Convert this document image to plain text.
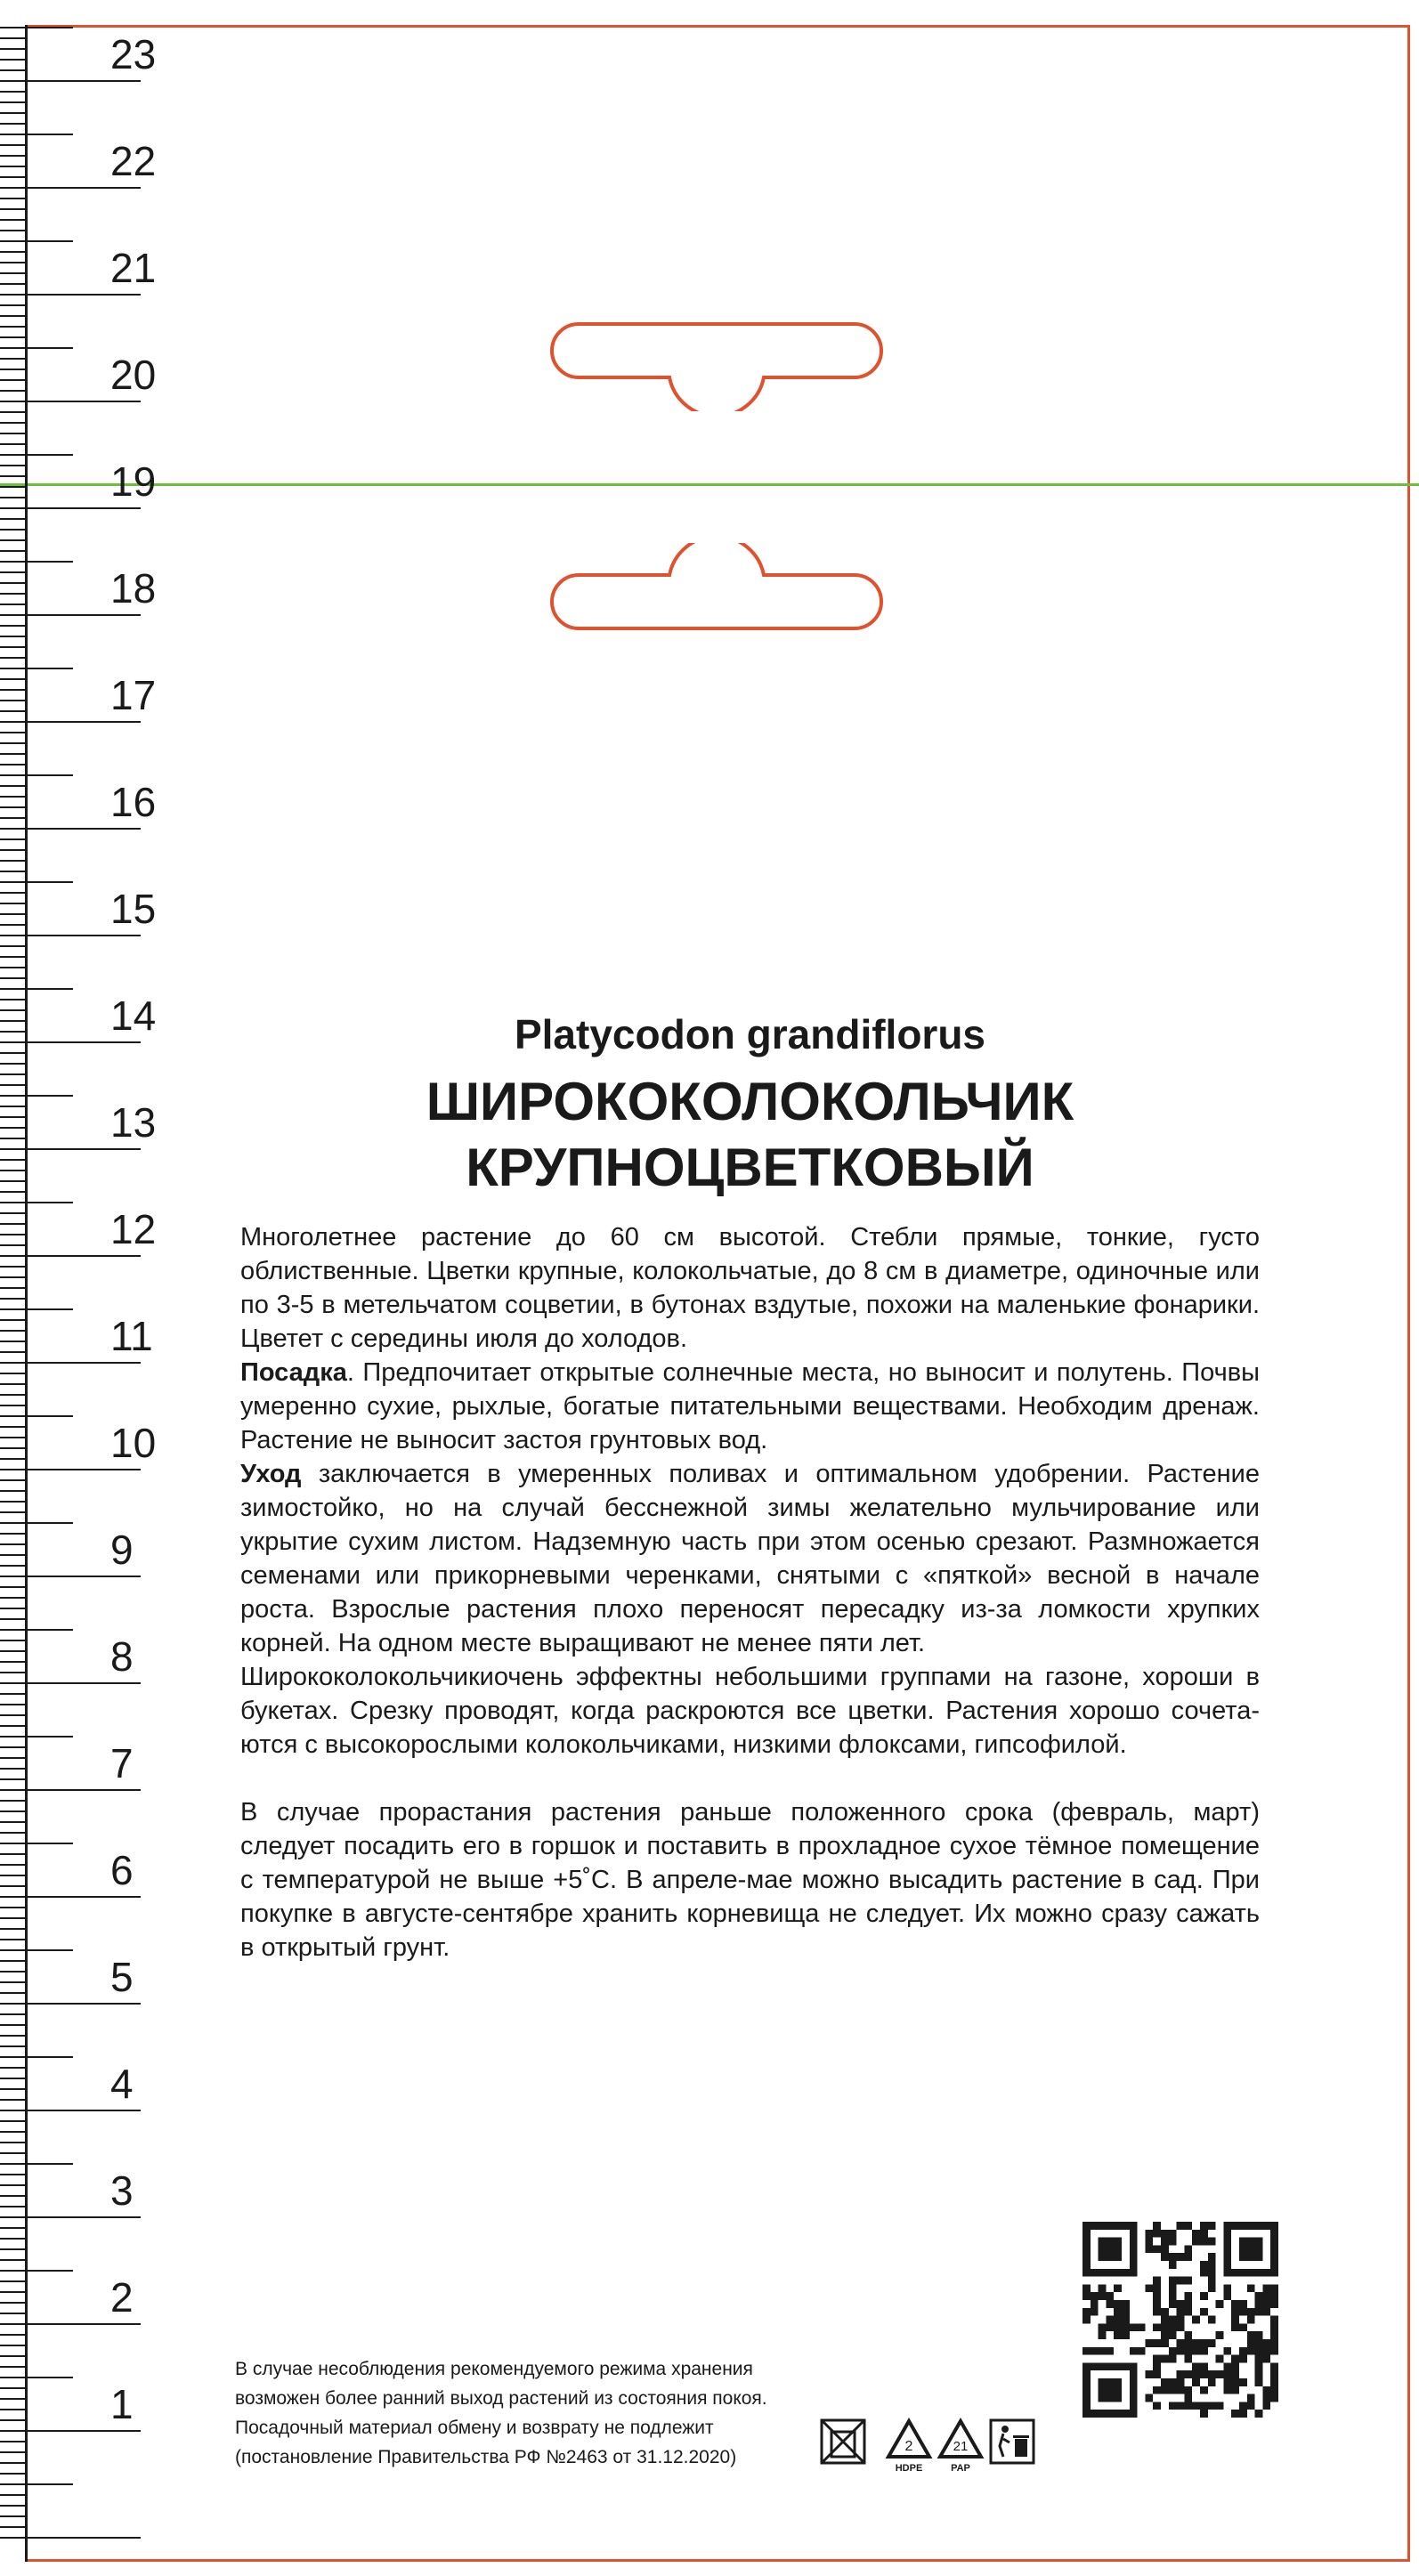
23
22
21
20
19
18
17
16
15
14
13
12
11
10
9
8
7
6
5
4
3
2
1
Platycodon grandiflorus
ШИРОКОКОЛОКОЛЬЧИК
КРУПНОЦВЕТКОВЫЙ

Многолетнее растение до 60 см высотой. Стебли прямые, тонкие, густо облиственные. Цветки крупные, колокольчатые, до 8 см в диаметре, одиночные или по 3-5 в метельчатом соцветии, в бутонах вздутые, похожи на маленькие фонарики. Цветет с середины июля до холодов.

Посадка. Предпочитает открытые солнечные места, но выносит и полутень. Почвы умеренно сухие, рыхлые, богатые питательными веществами. Необходим дренаж. Растение не выносит застоя грунтовых вод.

Уход заключается в умеренных поливах и оптимальном удобрении. Растение зимостойко, но на случай бесснежной зимы желательно мульчирование или укрытие сухим листом. Надземную часть при этом осенью срезают. Размножается семенами или прикорневыми черенками, снятыми с «пяткой» весной в начале роста. Взрослые растения плохо переносят пересадку из-за ломкости хрупких корней. На одном месте выращивают не менее пяти лет.

Ширококолокольчикиочень эффектны небольшими группами на газоне, хороши в букетах. Срезку проводят, когда раскроются все цветки. Растения хорошо сочетаются с высокорослыми колокольчиками, низкими флоксами, гипсофилой.

В случае прорастания растения раньше положенного срока (февраль, март) следует посадить его в горшок и поставить в прохладное сухое тёмное помещение с температурой не выше +5˚С. В апреле-мае можно высадить растение в сад. При покупке в августе-сентябре хранить корневища не следует. Их можно сразу сажать в открытый грунт.

В случае несоблюдения рекомендуемого режима хранения
возможен более ранний выход растений из состояния покоя.
Посадочный материал обмену и возврату не подлежит
(постановление Правительства РФ №2463 от 31.12.2020)
2
HDPE
21
PAP
